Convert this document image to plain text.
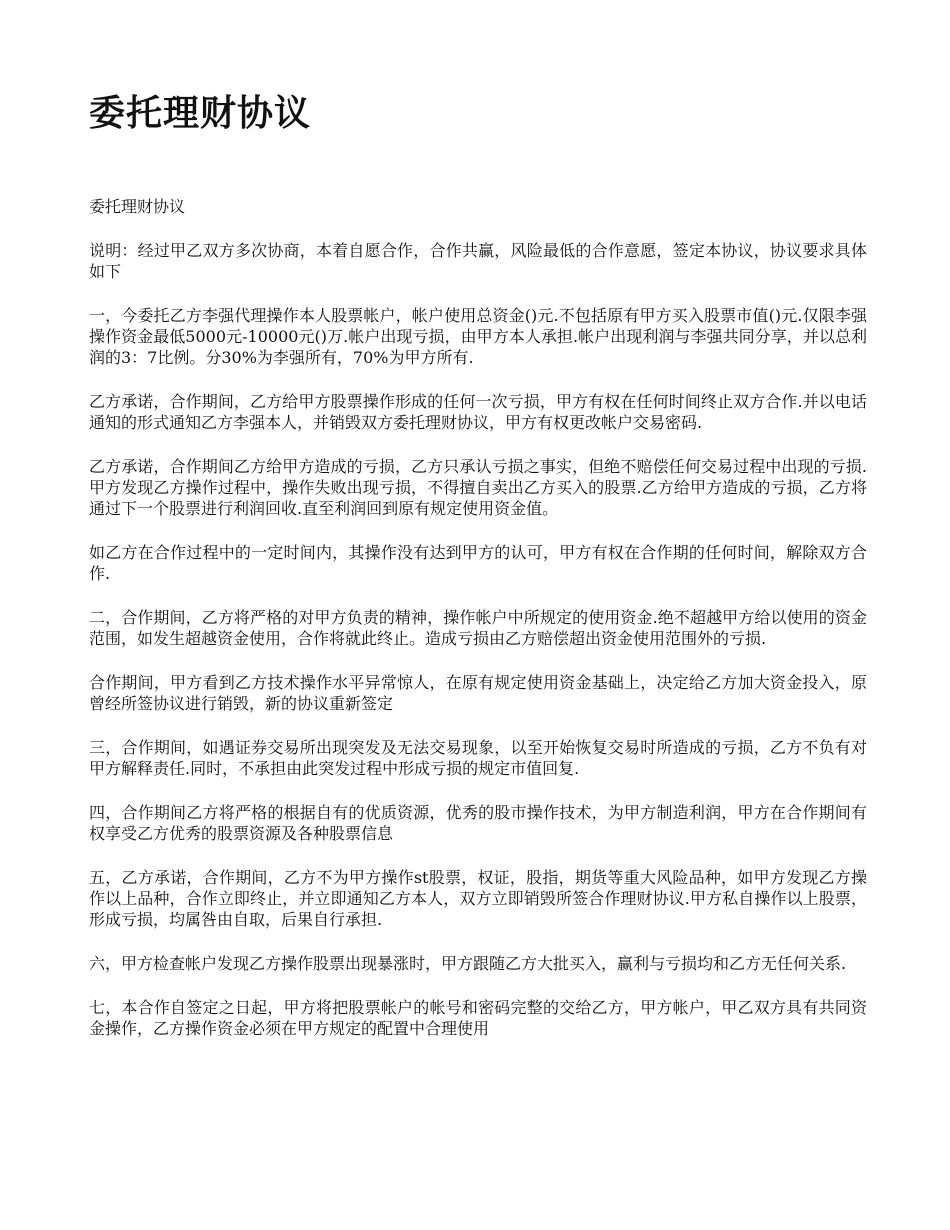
委托理财协议

委托理财协议

说明：经过甲乙双方多次协商，本着自愿合作，合作共赢，风险最低的合作意愿，签定本协议，协议要求具体如下

一，今委托乙方李强代理操作本人股票帐户，帐户使用总资金()元.不包括原有甲方买入股票市值()元.仅限李强操作资金最低5000元-10000元()万.帐户出现亏损，由甲方本人承担.帐户出现利润与李强共同分享，并以总利润的3：7比例。分30%为李强所有，70%为甲方所有.

乙方承诺，合作期间，乙方给甲方股票操作形成的任何一次亏损，甲方有权在任何时间终止双方合作.并以电话通知的形式通知乙方李强本人，并销毁双方委托理财协议，甲方有权更改帐户交易密码.

乙方承诺，合作期间乙方给甲方造成的亏损，乙方只承认亏损之事实，但绝不赔偿任何交易过程中出现的亏损.甲方发现乙方操作过程中，操作失败出现亏损，不得擅自卖出乙方买入的股票.乙方给甲方造成的亏损，乙方将通过下一个股票进行利润回收.直至利润回到原有规定使用资金值。

如乙方在合作过程中的一定时间内，其操作没有达到甲方的认可，甲方有权在合作期的任何时间，解除双方合作.

二，合作期间，乙方将严格的对甲方负责的精神，操作帐户中所规定的使用资金.绝不超越甲方给以使用的资金范围，如发生超越资金使用，合作将就此终止。造成亏损由乙方赔偿超出资金使用范围外的亏损.

合作期间，甲方看到乙方技术操作水平异常惊人，在原有规定使用资金基础上，决定给乙方加大资金投入，原曾经所签协议进行销毁，新的协议重新签定

三，合作期间，如遇证券交易所出现突发及无法交易现象，以至开始恢复交易时所造成的亏损，乙方不负有对甲方解释责任.同时，不承担由此突发过程中形成亏损的规定市值回复.

四，合作期间乙方将严格的根据自有的优质资源，优秀的股市操作技术，为甲方制造利润，甲方在合作期间有权享受乙方优秀的股票资源及各种股票信息

五，乙方承诺，合作期间，乙方不为甲方操作st股票，权证，股指，期货等重大风险品种，如甲方发现乙方操作以上品种，合作立即终止，并立即通知乙方本人，双方立即销毁所签合作理财协议.甲方私自操作以上股票，形成亏损，均属咎由自取，后果自行承担.

六，甲方检查帐户发现乙方操作股票出现暴涨时，甲方跟随乙方大批买入，赢利与亏损均和乙方无任何关系.

七，本合作自签定之日起，甲方将把股票帐户的帐号和密码完整的交给乙方，甲方帐户，甲乙双方具有共同资金操作，乙方操作资金必须在甲方规定的配置中合理使用
